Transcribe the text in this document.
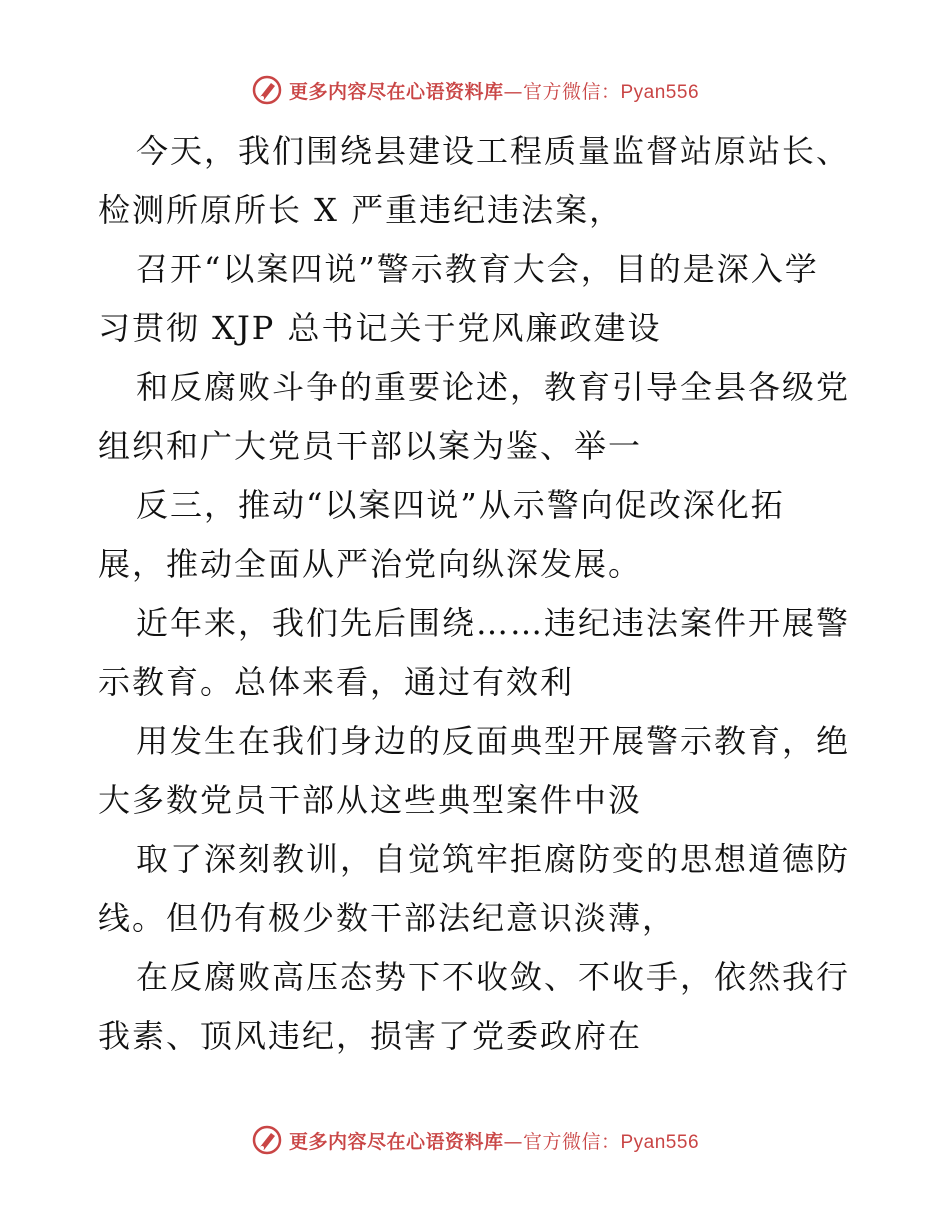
更多内容尽在心语资料库—官方微信：Pyan556

今天，我们围绕县建设工程质量监督站原站长、
检测所原所长 X 严重违纪违法案，

召开“以案四说”警示教育大会，目的是深入学
习贯彻 XJP 总书记关于党风廉政建设

和反腐败斗争的重要论述，教育引导全县各级党
组织和广大党员干部以案为鉴、举一

反三，推动“以案四说”从示警向促改深化拓
展，推动全面从严治党向纵深发展。

近年来，我们先后围绕……违纪违法案件开展警
示教育。总体来看，通过有效利

用发生在我们身边的反面典型开展警示教育，绝
大多数党员干部从这些典型案件中汲

取了深刻教训，自觉筑牢拒腐防变的思想道德防
线。但仍有极少数干部法纪意识淡薄，

在反腐败高压态势下不收敛、不收手，依然我行
我素、顶风违纪，损害了党委政府在

更多内容尽在心语资料库—官方微信：Pyan556
